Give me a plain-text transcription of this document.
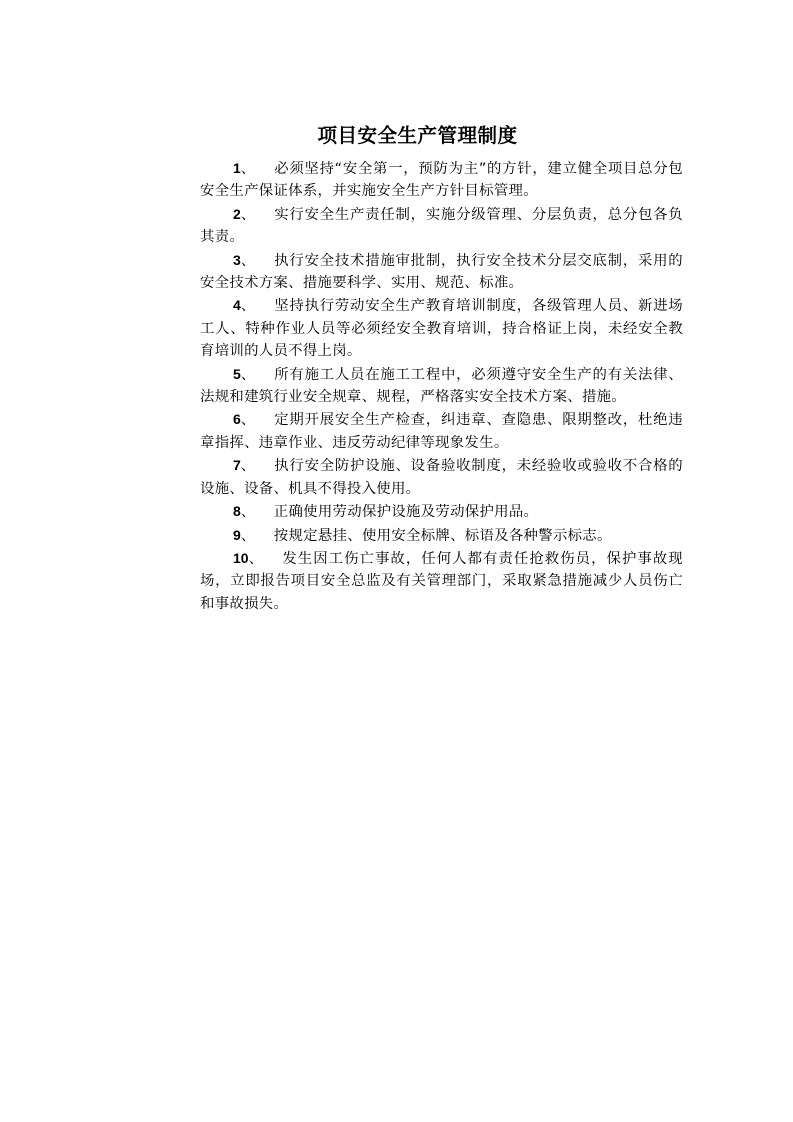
项目安全生产管理制度

1、 必须坚持“安全第一，预防为主”的方针，建立健全项目总分包安全生产保证体系，并实施安全生产方针目标管理。

2、 实行安全生产责任制，实施分级管理、分层负责，总分包各负其责。

3、 执行安全技术措施审批制，执行安全技术分层交底制，采用的安全技术方案、措施要科学、实用、规范、标准。

4、 坚持执行劳动安全生产教育培训制度，各级管理人员、新进场工人、特种作业人员等必须经安全教育培训，持合格证上岗，未经安全教育培训的人员不得上岗。

5、 所有施工人员在施工工程中，必须遵守安全生产的有关法律、法规和建筑行业安全规章、规程，严格落实安全技术方案、措施。

6、 定期开展安全生产检查，纠违章、查隐患、限期整改，杜绝违章指挥、违章作业、违反劳动纪律等现象发生。

7、 执行安全防护设施、设备验收制度，未经验收或验收不合格的设施、设备、机具不得投入使用。

8、 正确使用劳动保护设施及劳动保护用品。

9、 按规定悬挂、使用安全标牌、标语及各种警示标志。

10、 发生因工伤亡事故，任何人都有责任抢救伤员，保护事故现场，立即报告项目安全总监及有关管理部门，采取紧急措施减少人员伤亡和事故损失。
